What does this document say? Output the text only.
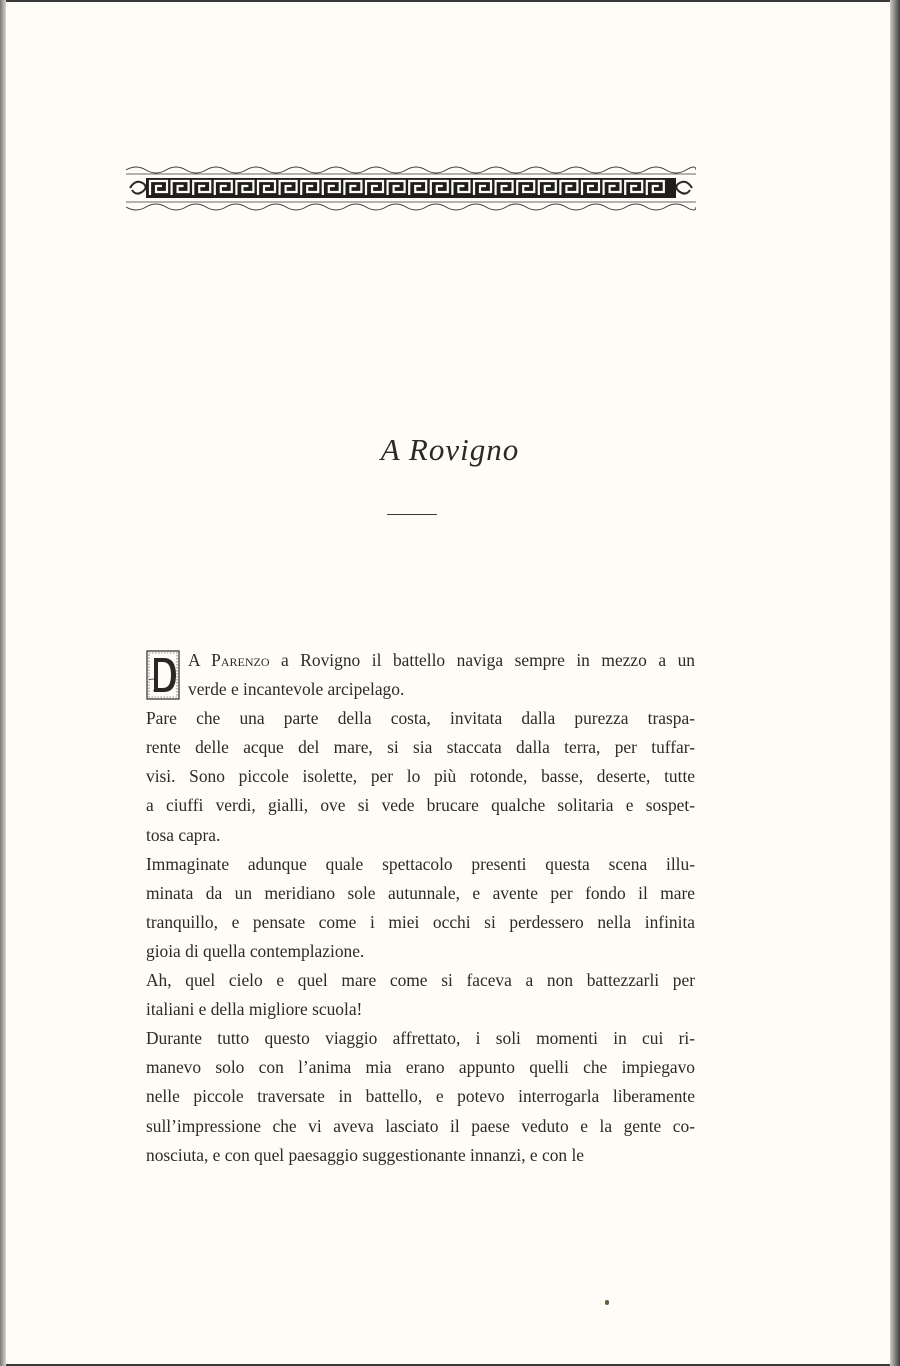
A Rovigno

A Parenzo a Rovigno il battello naviga sempre in mezzo a un
verde e incantevole arcipelago.

Pare che una parte della costa, invitata dalla purezza traspa-
rente delle acque del mare, si sia staccata dalla terra, per tuffar-
visi. Sono piccole isolette, per lo più rotonde, basse, deserte, tutte
a ciuffi verdi, gialli, ove si vede brucare qualche solitaria e sospet-
tosa capra.

Immaginate adunque quale spettacolo presenti questa scena illu-
minata da un meridiano sole autunnale, e avente per fondo il mare
tranquillo, e pensate come i miei occhi si perdessero nella infinita
gioia di quella contemplazione.

Ah, quel cielo e quel mare come si faceva a non battezzarli per
italiani e della migliore scuola!

Durante tutto questo viaggio affrettato, i soli momenti in cui ri-
manevo solo con l’anima mia erano appunto quelli che impiegavo
nelle piccole traversate in battello, e potevo interrogarla liberamente
sull’impressione che vi aveva lasciato il paese veduto e la gente co-
nosciuta, e con quel paesaggio suggestionante innanzi, e con le
